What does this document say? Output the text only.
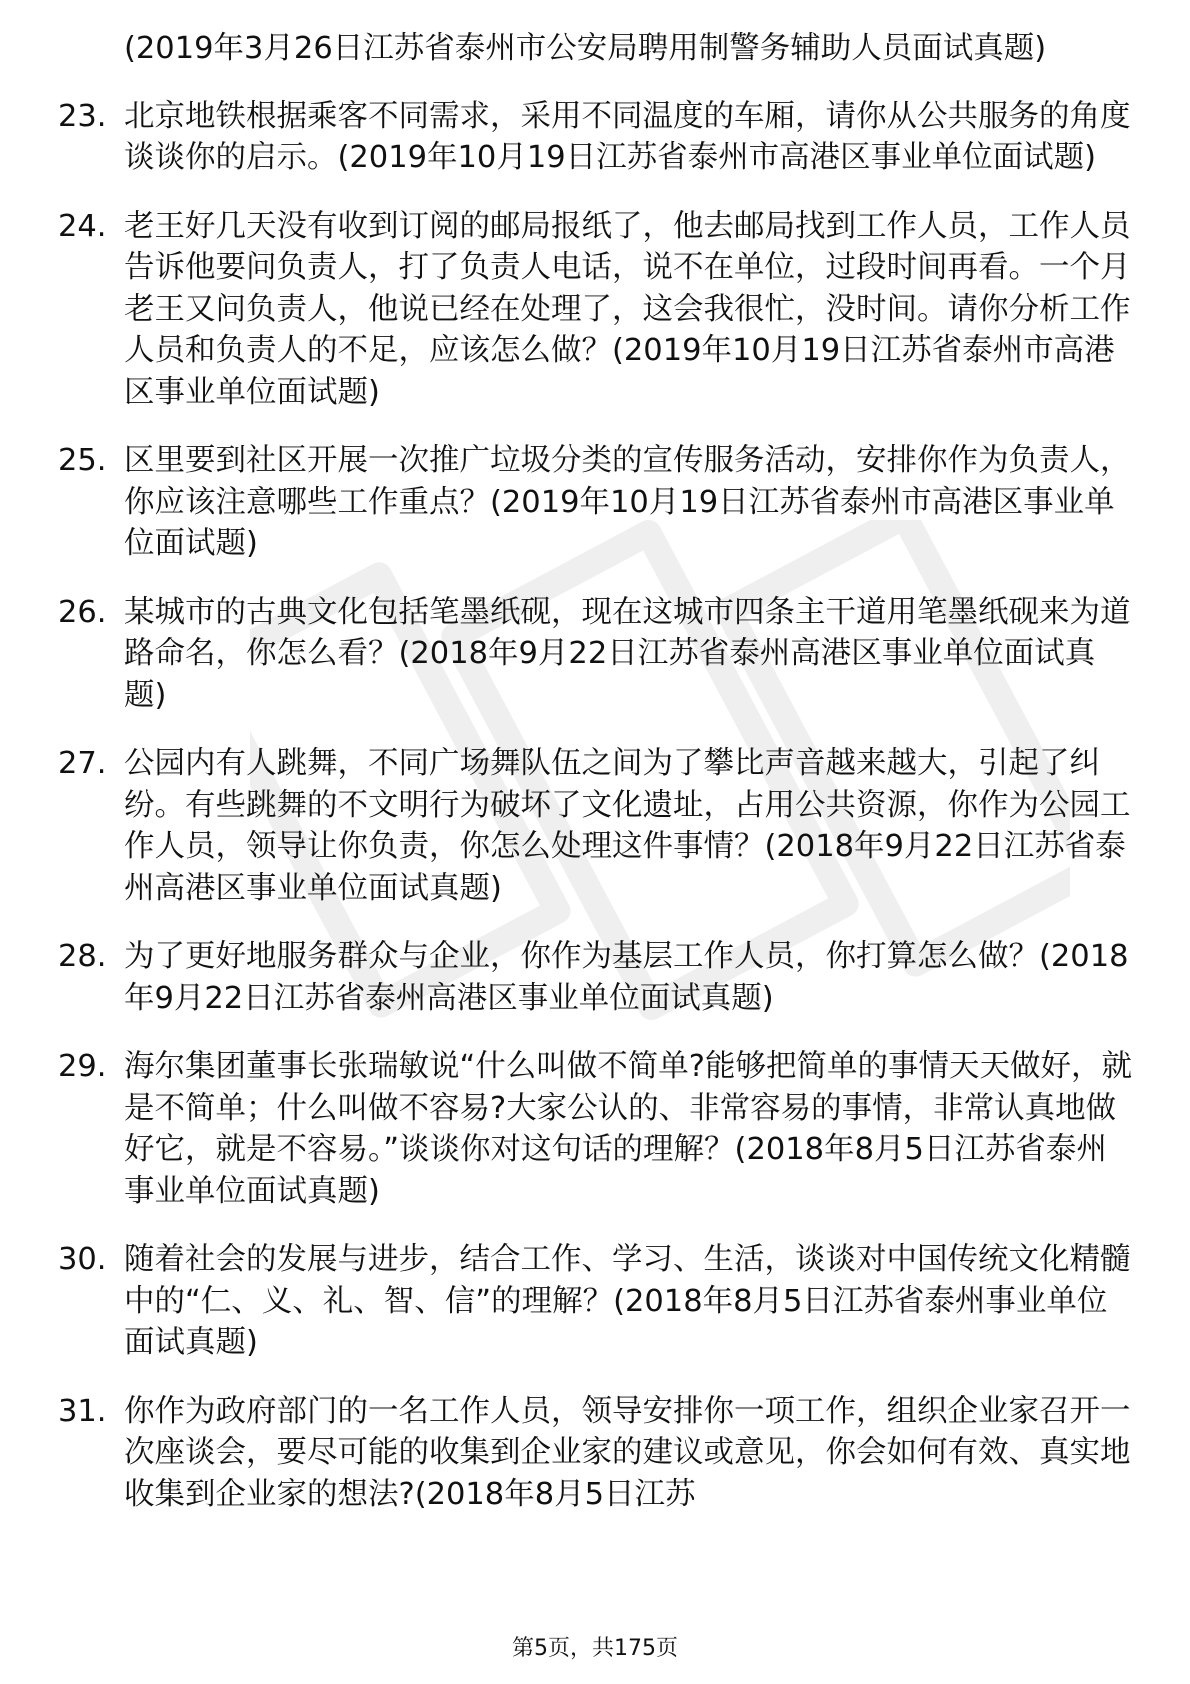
(2019年3月26日江苏省泰州市公安局聘用制警务辅助人员面试真题)
23. 北京地铁根据乘客不同需求，采用不同温度的车厢，请你从公共服务的角度谈谈你的启示。(2019年10月19日江苏省泰州市高港区事业单位面试题)
24. 老王好几天没有收到订阅的邮局报纸了，他去邮局找到工作人员，工作人员告诉他要问负责人，打了负责人电话，说不在单位，过段时间再看。一个月老王又问负责人，他说已经在处理了，这会我很忙，没时间。请你分析工作人员和负责人的不足，应该怎么做？(2019年10月19日江苏省泰州市高港区事业单位面试题)
25. 区里要到社区开展一次推广垃圾分类的宣传服务活动，安排你作为负责人，你应该注意哪些工作重点？(2019年10月19日江苏省泰州市高港区事业单位面试题)
26. 某城市的古典文化包括笔墨纸砚，现在这城市四条主干道用笔墨纸砚来为道路命名，你怎么看？(2018年9月22日江苏省泰州高港区事业单位面试真题)
27. 公园内有人跳舞，不同广场舞队伍之间为了攀比声音越来越大，引起了纠纷。有些跳舞的不文明行为破坏了文化遗址，占用公共资源，你作为公园工作人员，领导让你负责，你怎么处理这件事情？(2018年9月22日江苏省泰州高港区事业单位面试真题)
28. 为了更好地服务群众与企业，你作为基层工作人员，你打算怎么做？(2018年9月22日江苏省泰州高港区事业单位面试真题)
29. 海尔集团董事长张瑞敏说“什么叫做不简单?能够把简单的事情天天做好，就是不简单；什么叫做不容易?大家公认的、非常容易的事情，非常认真地做好它，就是不容易。”谈谈你对这句话的理解？(2018年8月5日江苏省泰州事业单位面试真题)
30. 随着社会的发展与进步，结合工作、学习、生活，谈谈对中国传统文化精髓中的“仁、义、礼、智、信”的理解？(2018年8月5日江苏省泰州事业单位面试真题)
31. 你作为政府部门的一名工作人员，领导安排你一项工作，组织企业家召开一次座谈会，要尽可能的收集到企业家的建议或意见，你会如何有效、真实地收集到企业家的想法?(2018年8月5日江苏
第5页，共175页
